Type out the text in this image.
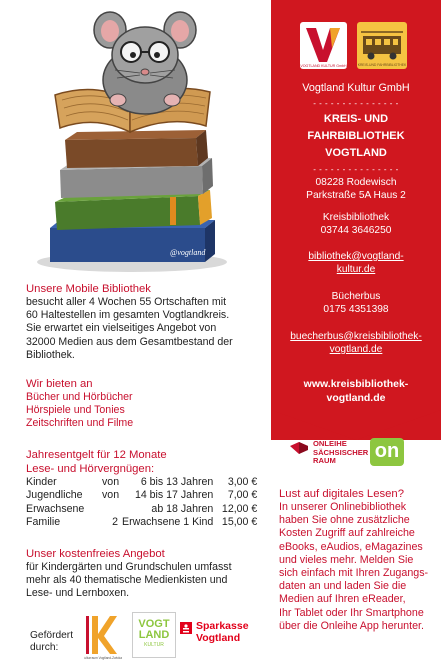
@vogtland
VOGTLAND KULTUR GmbH	KREIS-UND FAHRBIBLIOTHEK
Vogtland Kultur GmbH
- - - - - - - - - - - - - - -
KREIS- UND
FAHRBIBLIOTHEK
VOGTLAND
- - - - - - - - - - - - - - -
08228 Rodewisch
Parkstraße 5A Haus 2
Kreisbibliothek
03744 3646250
bibliothek@vogtland-
kultur.de
Bücherbus
0175 4351398
buecherbus@kreisbibliothek-
vogtland.de
www.kreisbibliothek-
vogtland.de
Unsere Mobile Bibliothek
besucht aller 4 Wochen 55 Ortschaften mit
60 Haltestellen im gesamten Vogtlandkreis.
Sie erwartet ein vielseitiges Angebot von
32000 Medien aus dem Gesamtbestand der
Bibliothek.
Wir bieten an
Bücher und Hörbücher
Hörspiele und Tonies
Zeitschriften und Filme
Jahresentgelt für 12 Monate
Lese- und Hörvergnügen:
Kinder	von	6 bis 13 Jahren	3,00 €
Jugendliche	von	14 bis 17 Jahren	7,00 €
Erwachsene		ab 18 Jahren	12,00 €
Familie	2	Erwachsene 1 Kind	15,00 €
Unser kostenfreies Angebot
für Kindergärten und Grundschulen umfasst
mehr als 40 thematische Medienkisten und
Lese- und Lernboxen.
Gefördert
durch:
Kulturraum Vogtland-Zwickau
VOGT
LAND
KULTUR
Sparkasse
Vogtland
ONLEIHE
SÄCHSISCHER
RAUM	on
Lust auf digitales Lesen?
In unserer Onlinebibliothek
haben Sie ohne zusätzliche
Kosten Zugriff auf zahlreiche
eBooks, eAudios, eMagazines
und vieles mehr. Melden Sie
sich einfach mit Ihren Zugangs-
daten an und laden Sie die
Medien auf Ihren eReader,
Ihr Tablet oder Ihr Smartphone
über die Onleihe App herunter.
